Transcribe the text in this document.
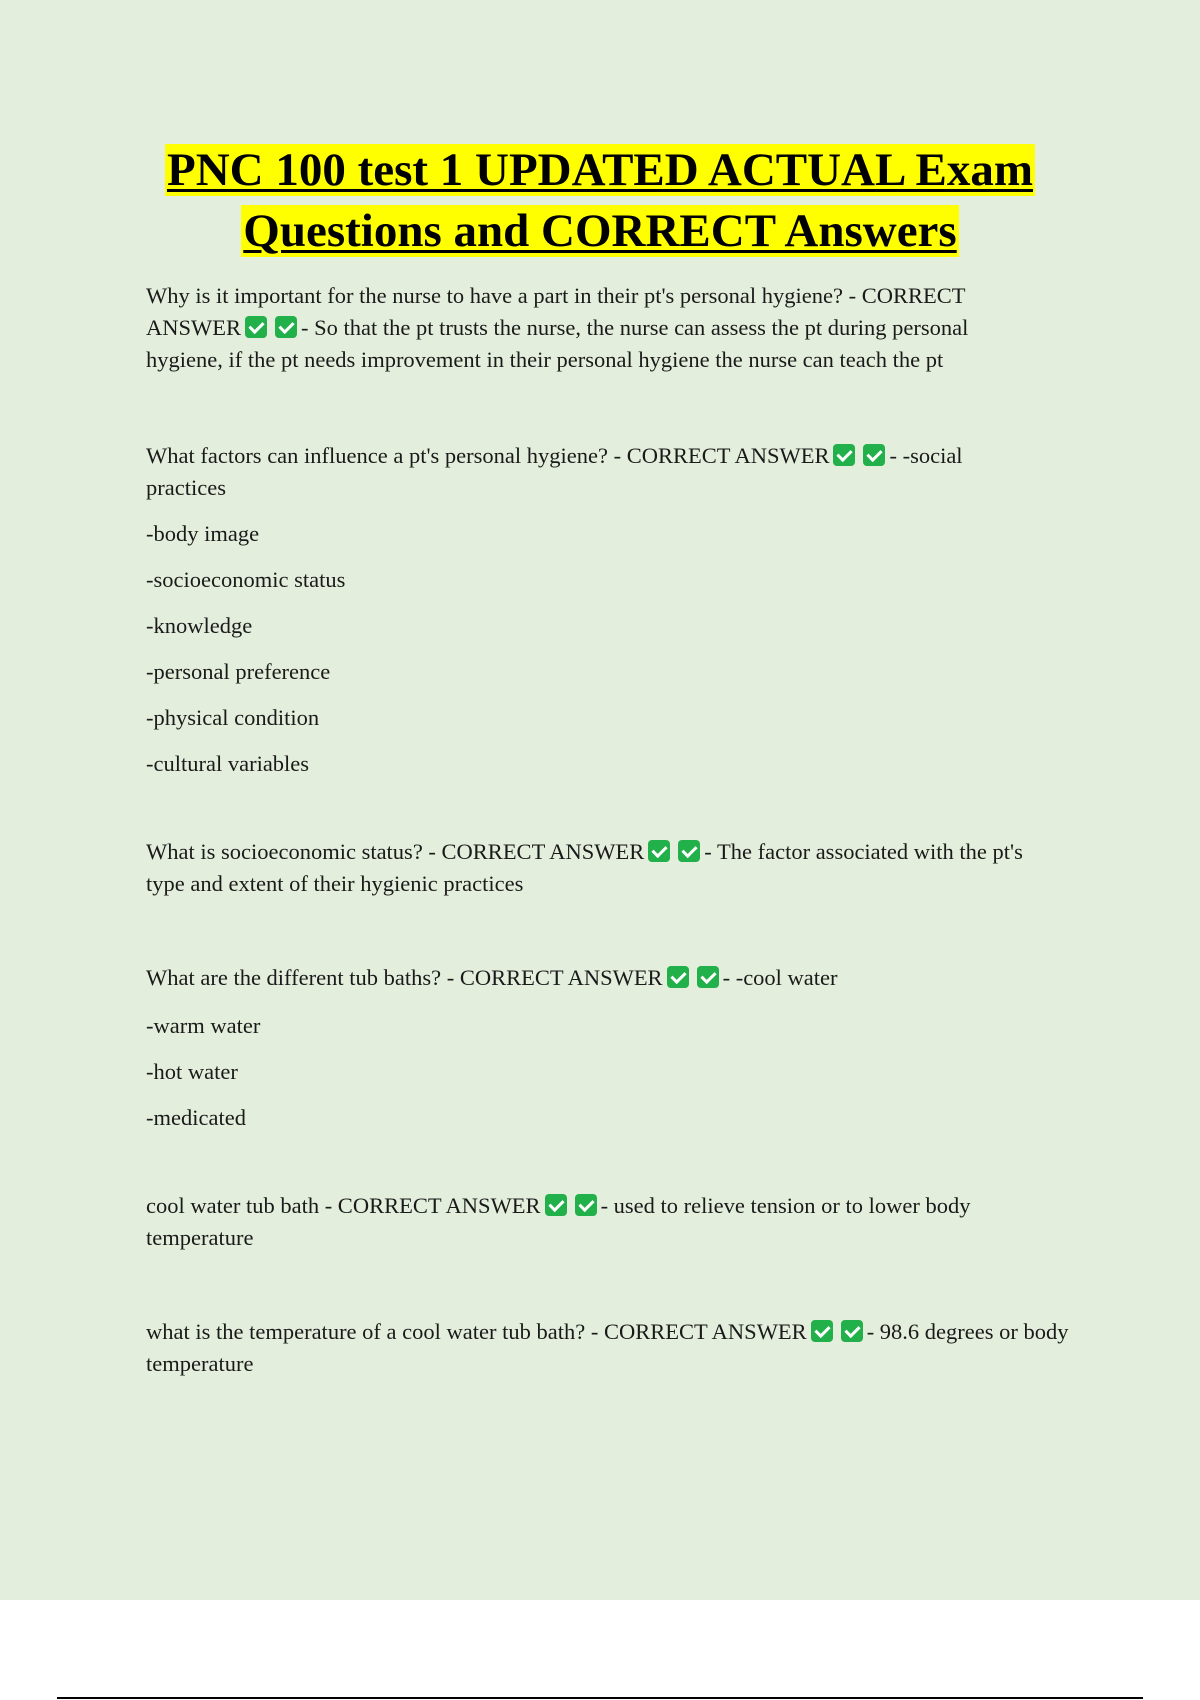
PNC 100 test 1 UPDATED ACTUAL Exam
Questions and CORRECT Answers

Why is it important for the nurse to have a part in their pt's personal hygiene? - CORRECT ANSWER	- So that the pt trusts the nurse, the nurse can assess the pt during personal hygiene, if the pt needs improvement in their personal hygiene the nurse can teach the pt

What factors can influence a pt's personal hygiene? - CORRECT ANSWER	- -social practices

-body image

-socioeconomic status

-knowledge

-personal preference

-physical condition

-cultural variables

What is socioeconomic status? - CORRECT ANSWER	- The factor associated with the pt's type and extent of their hygienic practices

What are the different tub baths? - CORRECT ANSWER	- -cool water

-warm water

-hot water

-medicated

cool water tub bath - CORRECT ANSWER	- used to relieve tension or to lower body temperature

what is the temperature of a cool water tub bath? - CORRECT ANSWER	- 98.6 degrees or body temperature
